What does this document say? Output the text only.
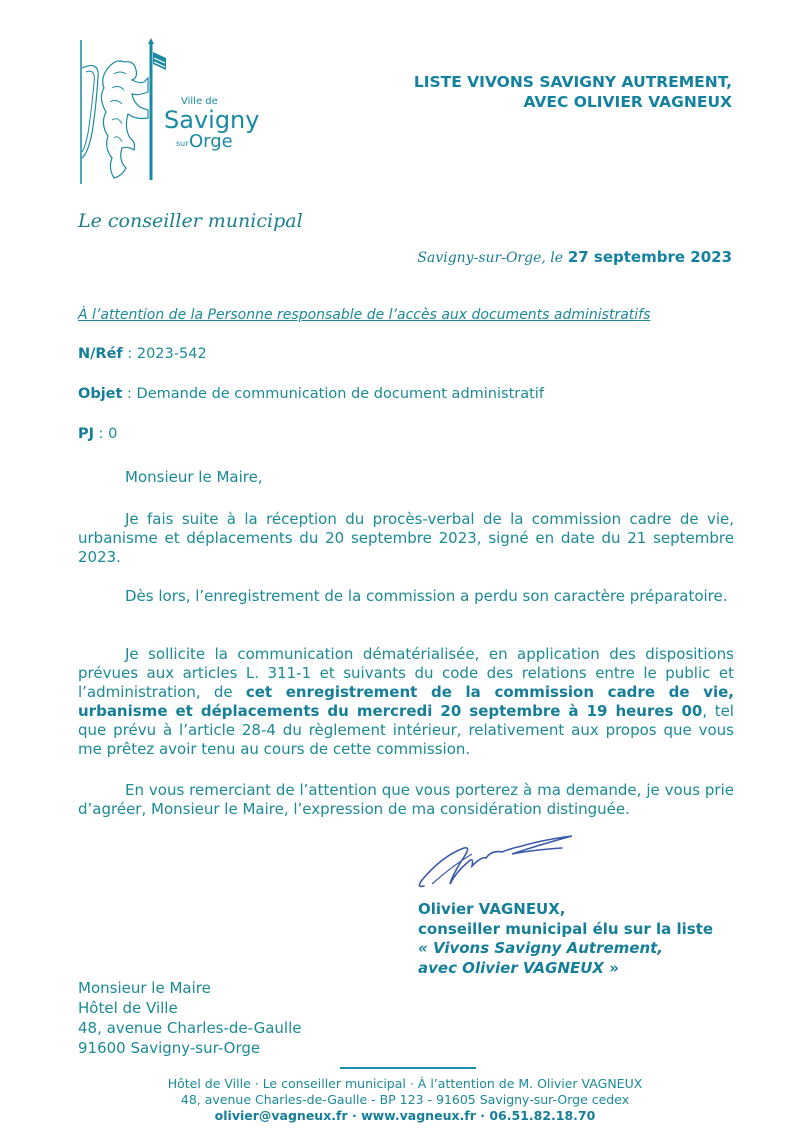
Ville de
Savigny
sur Orge
LISTE VIVONS SAVIGNY AUTREMENT,
AVEC OLIVIER VAGNEUX
Le conseiller municipal
Savigny-sur-Orge, le 27 septembre 2023
À l’attention de la Personne responsable de l’accès aux documents administratifs
N/Réf : 2023-542
Objet : Demande de communication de document administratif
PJ : 0

Monsieur le Maire,

Je fais suite à la réception du procès-verbal de la commission cadre de vie, urbanisme et déplacements du 20 septembre 2023, signé en date du 21 septembre 2023.

Dès lors, l’enregistrement de la commission a perdu son caractère préparatoire.

Je sollicite la communication dématérialisée, en application des dispositions prévues aux articles L. 311-1 et suivants du code des relations entre le public et l’administration, de cet enregistrement de la commission cadre de vie, urbanisme et déplacements du mercredi 20 septembre à 19 heures 00, tel que prévu à l’article 28-4 du règlement intérieur, relativement aux propos que vous me prêtez avoir tenu au cours de cette commission.

En vous remerciant de l’attention que vous porterez à ma demande, je vous prie d’agréer, Monsieur le Maire, l’expression de ma considération distinguée.

Olivier VAGNEUX,
conseiller municipal élu sur la liste
« Vivons Savigny Autrement,
avec Olivier VAGNEUX »
Monsieur le Maire
Hôtel de Ville
48, avenue Charles-de-Gaulle
91600 Savigny-sur-Orge
Hôtel de Ville · Le conseiller municipal · À l’attention de M. Olivier VAGNEUX
48, avenue Charles-de-Gaulle - BP 123 - 91605 Savigny-sur-Orge cedex
olivier@vagneux.fr · www.vagneux.fr · 06.51.82.18.70
